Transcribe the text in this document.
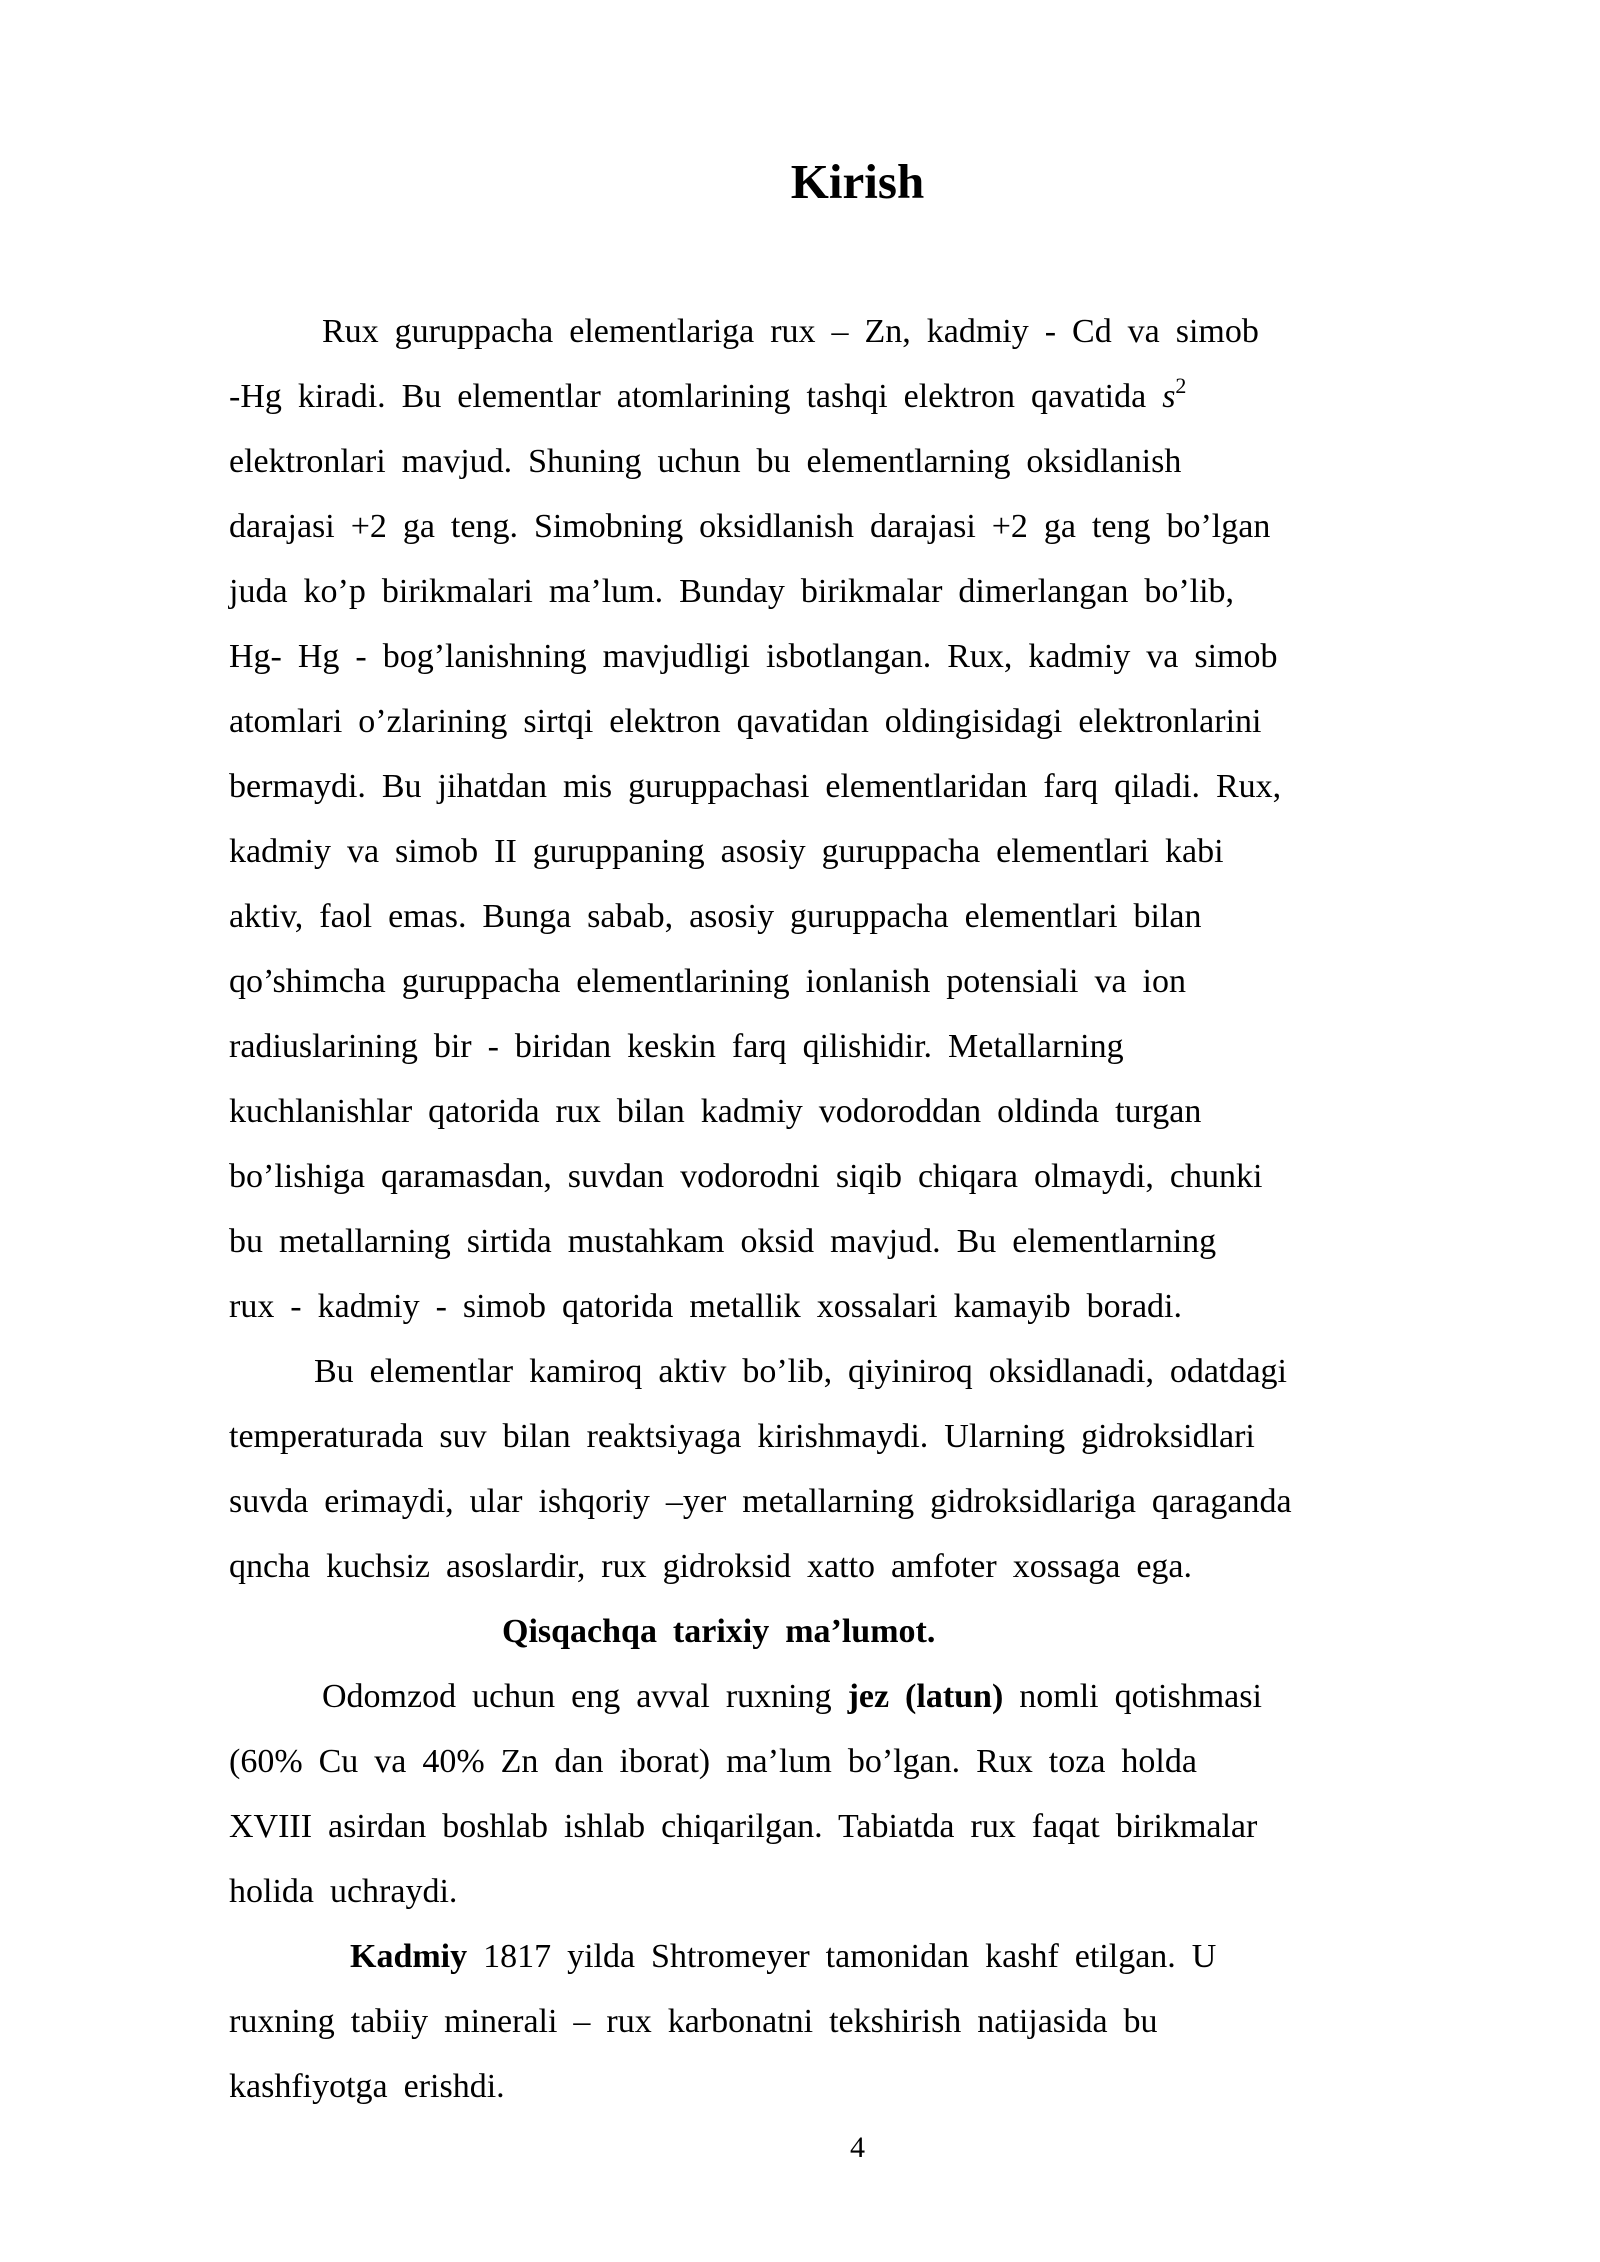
Kirish
Rux guruppacha elementlariga rux – Zn, kadmiy - Cd va simob
-Hg kiradi. Bu elementlar atomlarining tashqi elektron qavatida $s^2$
elektronlari mavjud. Shuning uchun bu elementlarning oksidlanish
darajasi +2 ga teng. Simobning oksidlanish darajasi +2 ga teng bo’lgan
juda ko’p birikmalari ma’lum. Bunday birikmalar dimerlangan bo’lib,
Hg- Hg - bog’lanishning mavjudligi isbotlangan. Rux, kadmiy va simob
atomlari o’zlarining sirtqi elektron qavatidan oldingisidagi elektronlarini
bermaydi. Bu jihatdan mis guruppachasi elementlaridan farq qiladi. Rux,
kadmiy va simob II guruppaning asosiy guruppacha elementlari kabi
aktiv, faol emas. Bunga sabab, asosiy guruppacha elementlari bilan
qo’shimcha guruppacha elementlarining ionlanish potensiali va ion
radiuslarining bir - biridan keskin farq qilishidir. Metallarning
kuchlanishlar qatorida rux bilan kadmiy vodoroddan oldinda turgan
bo’lishiga qaramasdan, suvdan vodorodni siqib chiqara olmaydi, chunki
bu metallarning sirtida mustahkam oksid mavjud. Bu elementlarning
rux - kadmiy - simob qatorida metallik xossalari kamayib boradi.
Bu elementlar kamiroq aktiv bo’lib, qiyiniroq oksidlanadi, odatdagi
temperaturada suv bilan reaktsiyaga kirishmaydi. Ularning gidroksidlari
suvda erimaydi, ular ishqoriy –yer metallarning gidroksidlariga qaraganda
qncha kuchsiz asoslardir, rux gidroksid xatto amfoter xossaga ega.
Qisqachqa tarixiy ma’lumot.
Odomzod uchun eng avval ruxning jez (latun) nomli qotishmasi
(60% Cu va 40% Zn dan iborat) ma’lum bo’lgan. Rux toza holda
XVIII asirdan boshlab ishlab chiqarilgan. Tabiatda rux faqat birikmalar
holida uchraydi.
Kadmiy 1817 yilda Shtromeyer tamonidan kashf etilgan. U
ruxning tabiiy minerali – rux karbonatni tekshirish natijasida bu
kashfiyotga erishdi.
4
